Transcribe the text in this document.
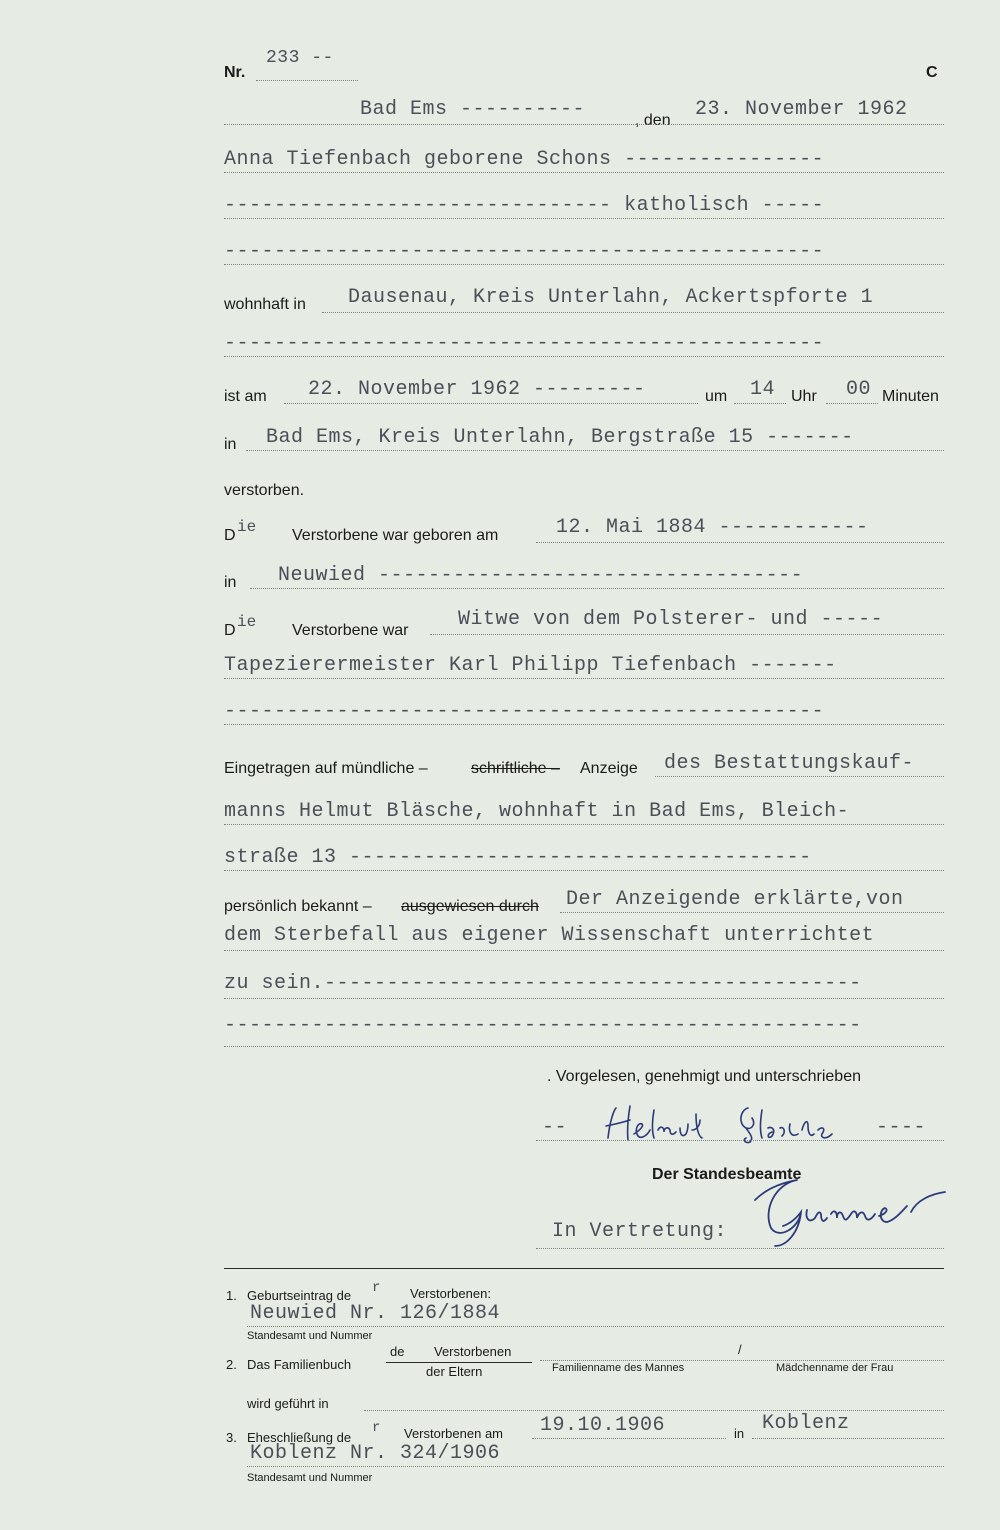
Nr.
233 --
C
Bad Ems ----------	, den 23. November 1962
Anna Tiefenbach geborene Schons ----------------
------------------------------- katholisch -----
------------------------------------------------
wohnhaft in Dausenau, Kreis Unterlahn, Ackertspforte 1
------------------------------------------------
ist am 22. November 1962 ---------	um 14 Uhr 00 Minuten
in Bad Ems, Kreis Unterlahn, Bergstraße 15 -------
verstorben.
D ie Verstorbene war geboren am	12. Mai 1884 ------------
in Neuwied ----------------------------------
D ie Verstorbene war Witwe von dem Polsterer- und -----
Tapezierermeister Karl Philipp Tiefenbach -------
------------------------------------------------
Eingetragen auf mündliche –	schriftliche – Anzeige des Bestattungskauf-
manns Helmut Bläsche, wohnhaft in Bad Ems, Bleich-
straße 13 -------------------------------------
persönlich bekannt – ausgewiesen durch Der Anzeigende erklärte,von
dem Sterbefall aus eigener Wissenschaft unterrichtet
zu sein.-------------------------------------------
---------------------------------------------------
. Vorgelesen, genehmigt und unterschrieben
--	----
Der Standesbeamte
In Vertretung:
1. Geburtseintrag de r Verstorbenen:
Neuwied Nr. 126/1884
Standesamt und Nummer
2. Das Familienbuch
de Verstorbenen
der Eltern	Familienname des Mannes
/
Mädchenname der Frau
wird geführt in
3. Eheschließung de
r Verstorbenen am 19.10.1906	in Koblenz
Koblenz Nr. 324/1906
Standesamt und Nummer
